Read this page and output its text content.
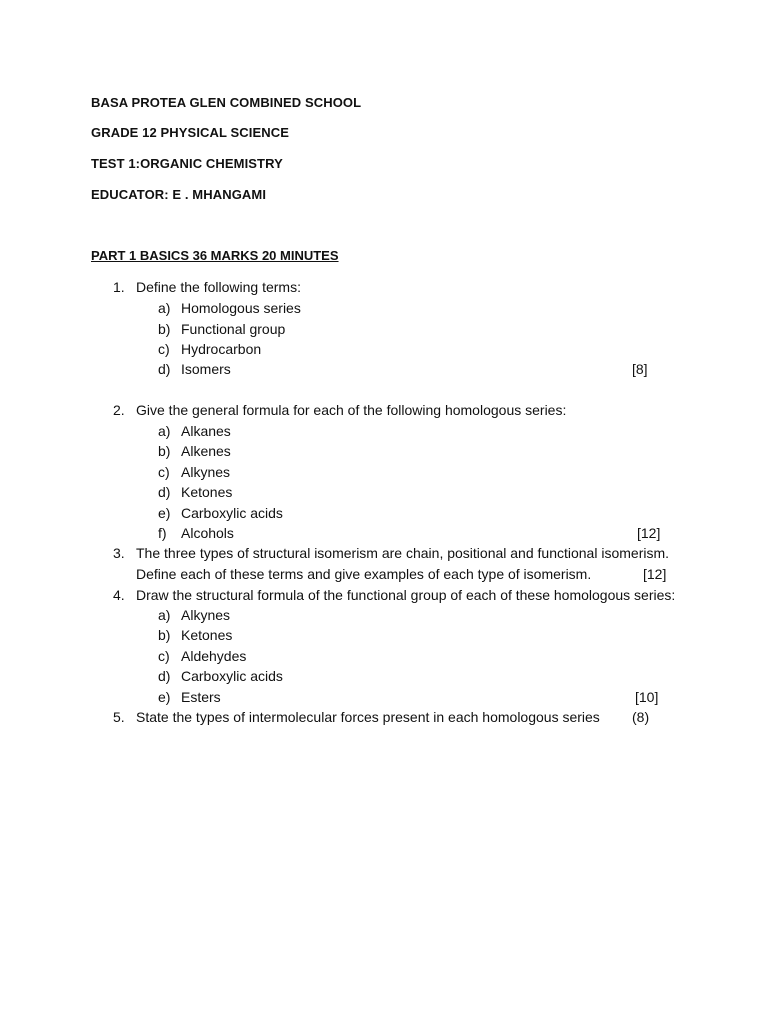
BASA PROTEA GLEN COMBINED SCHOOL
GRADE 12 PHYSICAL SCIENCE
TEST 1:ORGANIC CHEMISTRY
EDUCATOR: E . MHANGAMI
PART 1 BASICS 36 MARKS 20 MINUTES
1. Define the following terms:
a) Homologous series
b) Functional group
c) Hydrocarbon
d) Isomers	[8]
2. Give the general formula for each of the following homologous series:
a) Alkanes
b) Alkenes
c) Alkynes
d) Ketones
e) Carboxylic acids
f) Alcohols	[12]
3. The three types of structural isomerism are chain, positional and functional isomerism.
Define each of these terms and give examples of each type of isomerism.	[12]
4. Draw the structural formula of the functional group of each of these homologous series:
a) Alkynes
b) Ketones
c) Aldehydes
d) Carboxylic acids
e) Esters	[10]
5. State the types of intermolecular forces present in each homologous series (8)
